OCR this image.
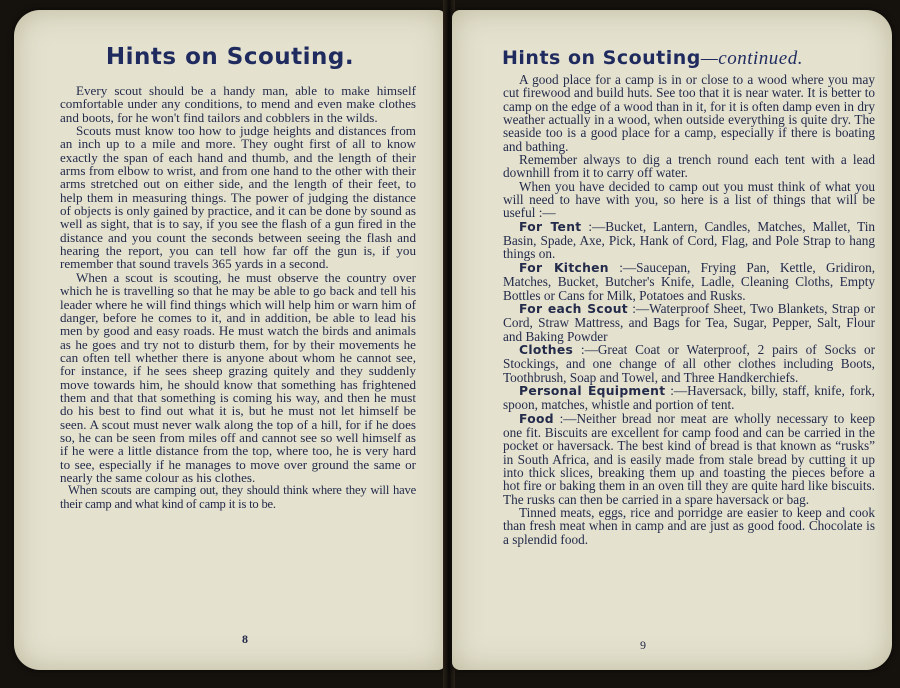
Hints on Scouting.

Every scout should be a handy man, able to make himself comfortable under any conditions, to mend and even make clothes and boots, for he won't find tailors and cobblers in the wilds.

Scouts must know too how to judge heights and distances from an inch up to a mile and more. They ought first of all to know exactly the span of each hand and thumb, and the length of their arms from elbow to wrist, and from one hand to the other with their arms stretched out on either side, and the length of their feet, to help them in measuring things. The power of judging the distance of objects is only gained by practice, and it can be done by sound as well as sight, that is to say, if you see the flash of a gun fired in the distance and you count the seconds between seeing the flash and hearing the report, you can tell how far off the gun is, if you remember that sound travels 365 yards in a second.

When a scout is scouting, he must observe the country over which he is travelling so that he may be able to go back and tell his leader where he will find things which will help him or warn him of danger, before he comes to it, and in addition, be able to lead his men by good and easy roads. He must watch the birds and animals as he goes and try not to disturb them, for by their movements he can often tell whether there is anyone about whom he cannot see, for instance, if he sees sheep grazing quitely and they suddenly move towards him, he should know that something has frightened them and that that something is coming his way, and then he must do his best to find out what it is, but he must not let himself be seen. A scout must never walk along the top of a hill, for if he does so, he can be seen from miles off and cannot see so well himself as if he were a little distance from the top, where too, he is very hard to see, especially if he manages to move over ground the same or nearly the same colour as his clothes.

When scouts are camping out, they should think where they will have their camp and what kind of camp it is to be.

8
Hints on Scouting—continued.

A good place for a camp is in or close to a wood where you may cut firewood and build huts. See too that it is near water. It is better to camp on the edge of a wood than in it, for it is often damp even in dry weather actually in a wood, when outside everything is quite dry. The seaside too is a good place for a camp, especially if there is boating and bathing.

Remember always to dig a trench round each tent with a lead downhill from it to carry off water.

When you have decided to camp out you must think of what you will need to have with you, so here is a list of things that will be useful :—

For Tent :—Bucket, Lantern, Candles, Matches, Mallet, Tin Basin, Spade, Axe, Pick, Hank of Cord, Flag, and Pole Strap to hang things on.

For Kitchen :—Saucepan, Frying Pan, Kettle, Gridiron, Matches, Bucket, Butcher's Knife, Ladle, Cleaning Cloths, Empty Bottles or Cans for Milk, Potatoes and Rusks.

For each Scout :—Waterproof Sheet, Two Blankets, Strap or Cord, Straw Mattress, and Bags for Tea, Sugar, Pepper, Salt, Flour and Baking Powder

Clothes :—Great Coat or Waterproof, 2 pairs of Socks or Stockings, and one change of all other clothes including Boots, Toothbrush, Soap and Towel, and Three Handkerchiefs.

Personal Equipment :—Haversack, billy, staff, knife, fork, spoon, matches, whistle and portion of tent.

Food :—Neither bread nor meat are wholly necessary to keep one fit. Biscuits are excellent for camp food and can be carried in the pocket or haversack. The best kind of bread is that known as “rusks” in South Africa, and is easily made from stale bread by cutting it up into thick slices, breaking them up and toasting the pieces before a hot fire or baking them in an oven till they are quite hard like biscuits. The rusks can then be carried in a spare haversack or bag.

Tinned meats, eggs, rice and porridge are easier to keep and cook than fresh meat when in camp and are just as good food. Chocolate is a splendid food.

9
